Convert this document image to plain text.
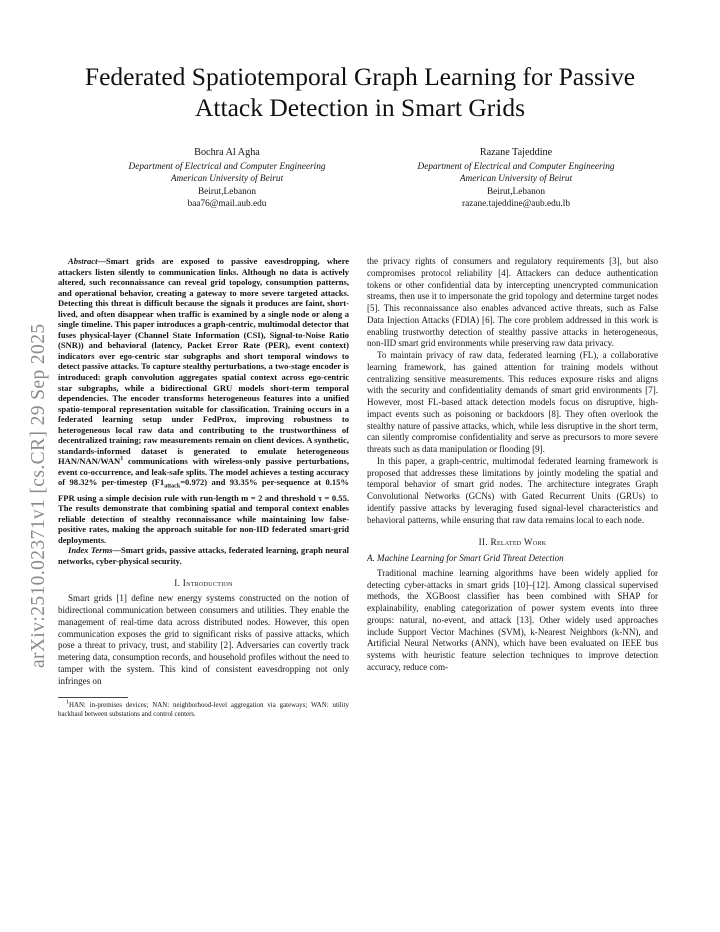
arXiv:2510.02371v1 [cs.CR] 29 Sep 2025
Federated Spatiotemporal Graph Learning for Passive Attack Detection in Smart Grids
Bochra Al Agha
Department of Electrical and Computer Engineering
American University of Beirut
Beirut,Lebanon
baa76@mail.aub.edu
Razane Tajeddine
Department of Electrical and Computer Engineering
American University of Beirut
Beirut,Lebanon
razane.tajeddine@aub.edu.lb

Abstract—Smart grids are exposed to passive eavesdropping, where attackers listen silently to communication links. Although no data is actively altered, such reconnaissance can reveal grid topology, consumption patterns, and operational behavior, creating a gateway to more severe targeted attacks. Detecting this threat is difficult because the signals it produces are faint, short-lived, and often disappear when traffic is examined by a single node or along a single timeline. This paper introduces a graph-centric, multimodal detector that fuses physical-layer (Channel State Information (CSI), Signal-to-Noise Ratio (SNR)) and behavioral (latency, Packet Error Rate (PER), event context) indicators over ego-centric star subgraphs and short temporal windows to detect passive attacks. To capture stealthy perturbations, a two-stage encoder is introduced: graph convolution aggregates spatial context across ego-centric star subgraphs, while a bidirectional GRU models short-term temporal dependencies. The encoder transforms heterogeneous features into a unified spatio-temporal representation suitable for classification. Training occurs in a federated learning setup under FedProx, improving robustness to heterogeneous local raw data and contributing to the trustworthiness of decentralized training; raw measurements remain on client devices. A synthetic, standards-informed dataset is generated to emulate heterogeneous HAN/NAN/WAN$^1$ communications with wireless-only passive perturbations, event co-occurrence, and leak-safe splits. The model achieves a testing accuracy of 98.32% per-timestep $(F1_{attack}=0.972)$ and 93.35% per-sequence at 0.15% FPR using a simple decision rule with run-length m = 2 and threshold τ = 0.55. The results demonstrate that combining spatial and temporal context enables reliable detection of stealthy reconnaissance while maintaining low false-positive rates, making the approach suitable for non-IID federated smart-grid deployments.

Index Terms—Smart grids, passive attacks, federated learning, graph neural networks, cyber-physical security.

I. Introduction

Smart grids [1] define new energy systems constructed on the notion of bidirectional communication between consumers and utilities. They enable the management of real-time data across distributed nodes. However, this open communication exposes the grid to significant risks of passive attacks, which pose a threat to privacy, trust, and stability [2]. Adversaries can covertly track metering data, consumption records, and household profiles without the need to tamper with the system. This kind of consistent eavesdropping not only infringes on

1HAN: in-premises devices; NAN: neighborhood-level aggregation via gateways; WAN: utility backhaul between substations and control centers.

the privacy rights of consumers and regulatory requirements [3], but also compromises protocol reliability [4]. Attackers can deduce authentication tokens or other confidential data by intercepting unencrypted communication streams, then use it to impersonate the grid topology and determine target nodes [5]. This reconnaissance also enables advanced active threats, such as False Data Injection Attacks (FDIA) [6]. The core problem addressed in this work is enabling trustworthy detection of stealthy passive attacks in heterogeneous, non-IID smart grid environments while preserving raw data privacy.

To maintain privacy of raw data, federated learning (FL), a collaborative learning framework, has gained attention for training models without centralizing sensitive measurements. This reduces exposure risks and aligns with the security and confidentiality demands of smart grid environments [7]. However, most FL-based attack detection models focus on disruptive, high-impact events such as poisoning or backdoors [8]. They often overlook the stealthy nature of passive attacks, which, while less disruptive in the short term, can silently compromise confidentiality and serve as precursors to more severe threats such as data manipulation or flooding [9].

In this paper, a graph-centric, multimodal federated learning framework is proposed that addresses these limitations by jointly modeling the spatial and temporal behavior of smart grid nodes. The architecture integrates Graph Convolutional Networks (GCNs) with Gated Recurrent Units (GRUs) to identify passive attacks by leveraging fused signal-level characteristics and behavioral patterns, while ensuring that raw data remains local to each node.

II. Related Work
A. Machine Learning for Smart Grid Threat Detection

Traditional machine learning algorithms have been widely applied for detecting cyber-attacks in smart grids [10]–[12]. Among classical supervised methods, the XGBoost classifier has been combined with SHAP for explainability, enabling categorization of power system events into three groups: natural, no-event, and attack [13]. Other widely used approaches include Support Vector Machines (SVM), k-Nearest Neighbors (k-NN), and Artificial Neural Networks (ANN), which have been evaluated on IEEE bus systems with heuristic feature selection techniques to improve detection accuracy, reduce com-
